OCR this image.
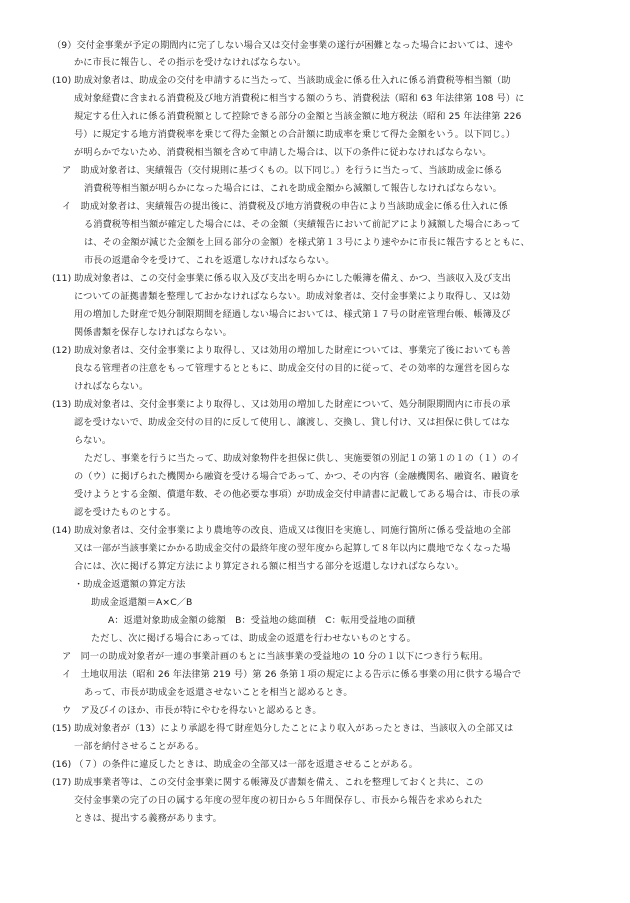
（9）交付金事業が予定の期間内に完了しない場合又は交付金事業の遂行が困難となった場合においては、速や
かに市長に報告し、その指示を受けなければならない。
(10) 助成対象者は、助成金の交付を申請するに当たって、当該助成金に係る仕入れに係る消費税等相当額（助
成対象経費に含まれる消費税及び地方消費税に相当する額のうち、消費税法（昭和 63 年法律第 108 号）に
規定する仕入れに係る消費税額として控除できる部分の金額と当該金額に地方税法（昭和 25 年法律第 226
号）に規定する地方消費税率を乗じて得た金額との合計額に助成率を乗じて得た金額をいう。以下同じ。）
が明らかでないため、消費税相当額を含めて申請した場合は、以下の条件に従わなければならない。
ア　助成対象者は、実績報告（交付規則に基づくもの。以下同じ。）を行うに当たって、当該助成金に係る
消費税等相当額が明らかになった場合には、これを助成金額から減額して報告しなければならない。
イ　助成対象者は、実績報告の提出後に、消費税及び地方消費税の申告により当該助成金に係る仕入れに係
る消費税等相当額が確定した場合には、その金額（実績報告において前記アにより減額した場合にあって
は、その金額が減じた金額を上回る部分の金額）を様式第１３号により速やかに市長に報告するとともに、
市長の返還命令を受けて、これを返還しなければならない。
(11) 助成対象者は、この交付金事業に係る収入及び支出を明らかにした帳簿を備え、かつ、当該収入及び支出
についての証拠書類を整理しておかなければならない。助成対象者は、交付金事業により取得し、又は効
用の増加した財産で処分制限期間を経過しない場合においては、様式第１７号の財産管理台帳、帳簿及び
関係書類を保存しなければならない。
(12) 助成対象者は、交付金事業により取得し、又は効用の増加した財産については、事業完了後においても善
良なる管理者の注意をもって管理するとともに、助成金交付の目的に従って、その効率的な運営を図らな
ければならない。
(13) 助成対象者は、交付金事業により取得し、又は効用の増加した財産について、処分制限期間内に市長の承
認を受けないで、助成金交付の目的に反して使用し、譲渡し、交換し、貸し付け、又は担保に供してはな
らない。
ただし、事業を行うに当たって、助成対象物件を担保に供し、実施要領の別記１の第１の１の（１）のイ
の（ウ）に掲げられた機関から融資を受ける場合であって、かつ、その内容（金融機関名、融資名、融資を
受けようとする金額、償還年数、その他必要な事項）が助成金交付申請書に記載してある場合は、市長の承
認を受けたものとする。
(14) 助成対象者は、交付金事業により農地等の改良、造成又は復旧を実施し、同施行箇所に係る受益地の全部
又は一部が当該事業にかかる助成金交付の最終年度の翌年度から起算して８年以内に農地でなくなった場
合には、次に掲げる算定方法により算定される額に相当する部分を返還しなければならない。
・助成金返還額の算定方法
助成金返還額＝A×C／B
A：返還対象助成金額の総額　B：受益地の総面積　C：転用受益地の面積
ただし、次に掲げる場合にあっては、助成金の返還を行わせないものとする。
ア　同一の助成対象者が一連の事業計画のもとに当該事業の受益地の 10 分の１以下につき行う転用。
イ　土地収用法（昭和 26 年法律第 219 号）第 26 条第１項の規定による告示に係る事業の用に供する場合で
あって、市長が助成金を返還させないことを相当と認めるとき。
ウ　ア及びイのほか、市長が特にやむを得ないと認めるとき。
(15) 助成対象者が（13）により承認を得て財産処分したことにより収入があったときは、当該収入の全部又は
一部を納付させることがある。
(16) （７）の条件に違反したときは、助成金の全部又は一部を返還させることがある。
(17) 助成事業者等は、この交付金事業に関する帳簿及び書類を備え、これを整理しておくと共に、この
交付金事業の完了の日の属する年度の翌年度の初日から５年間保存し、市長から報告を求められた
ときは、提出する義務があります。
